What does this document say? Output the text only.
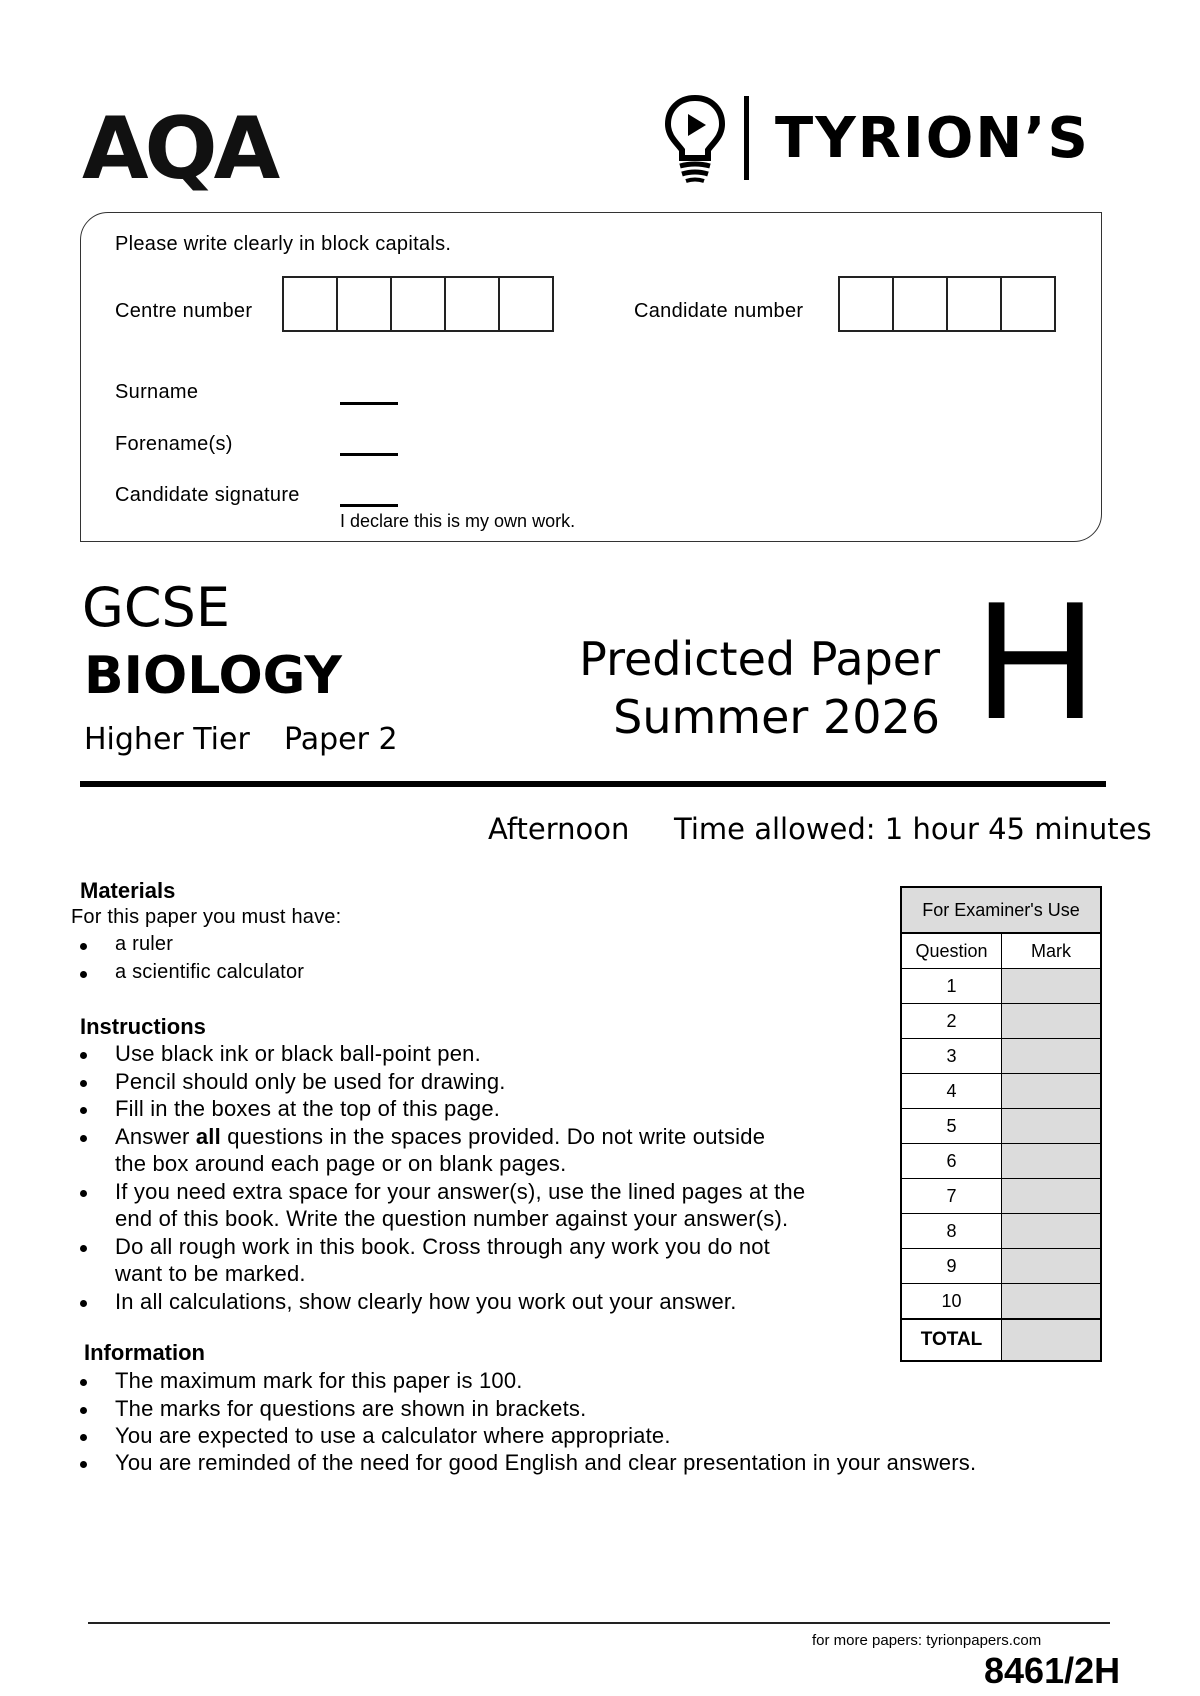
AQA	TYRION’S
Please write clearly in block capitals.
Centre number	Candidate number
Surname
Forename(s)
Candidate signature
I declare this is my own work.
GCSE
BIOLOGY
Higher Tier Paper 2
Predicted Paper
Summer 2026 H
Afternoon Time allowed: 1 hour 45 minutes
Materials
For this paper you must have:
a ruler
a scientific calculator
Instructions
Use black ink or black ball-point pen.
Pencil should only be used for drawing.
Fill in the boxes at the top of this page.
Answer all questions in the spaces provided. Do not write outside
the box around each page or on blank pages.
If you need extra space for your answer(s), use the lined pages at the
end of this book. Write the question number against your answer(s).
Do all rough work in this book. Cross through any work you do not
want to be marked.
In all calculations, show clearly how you work out your answer.
Information
The maximum mark for this paper is 100.
The marks for questions are shown in brackets.
You are expected to use a calculator where appropriate.
You are reminded of the need for good English and clear presentation in your answers.
For Examiner's Use
Question	Mark
1
2
3
4
5
6
7
8
9
10
TOTAL
for more papers: tyrionpapers.com
8461/2H
